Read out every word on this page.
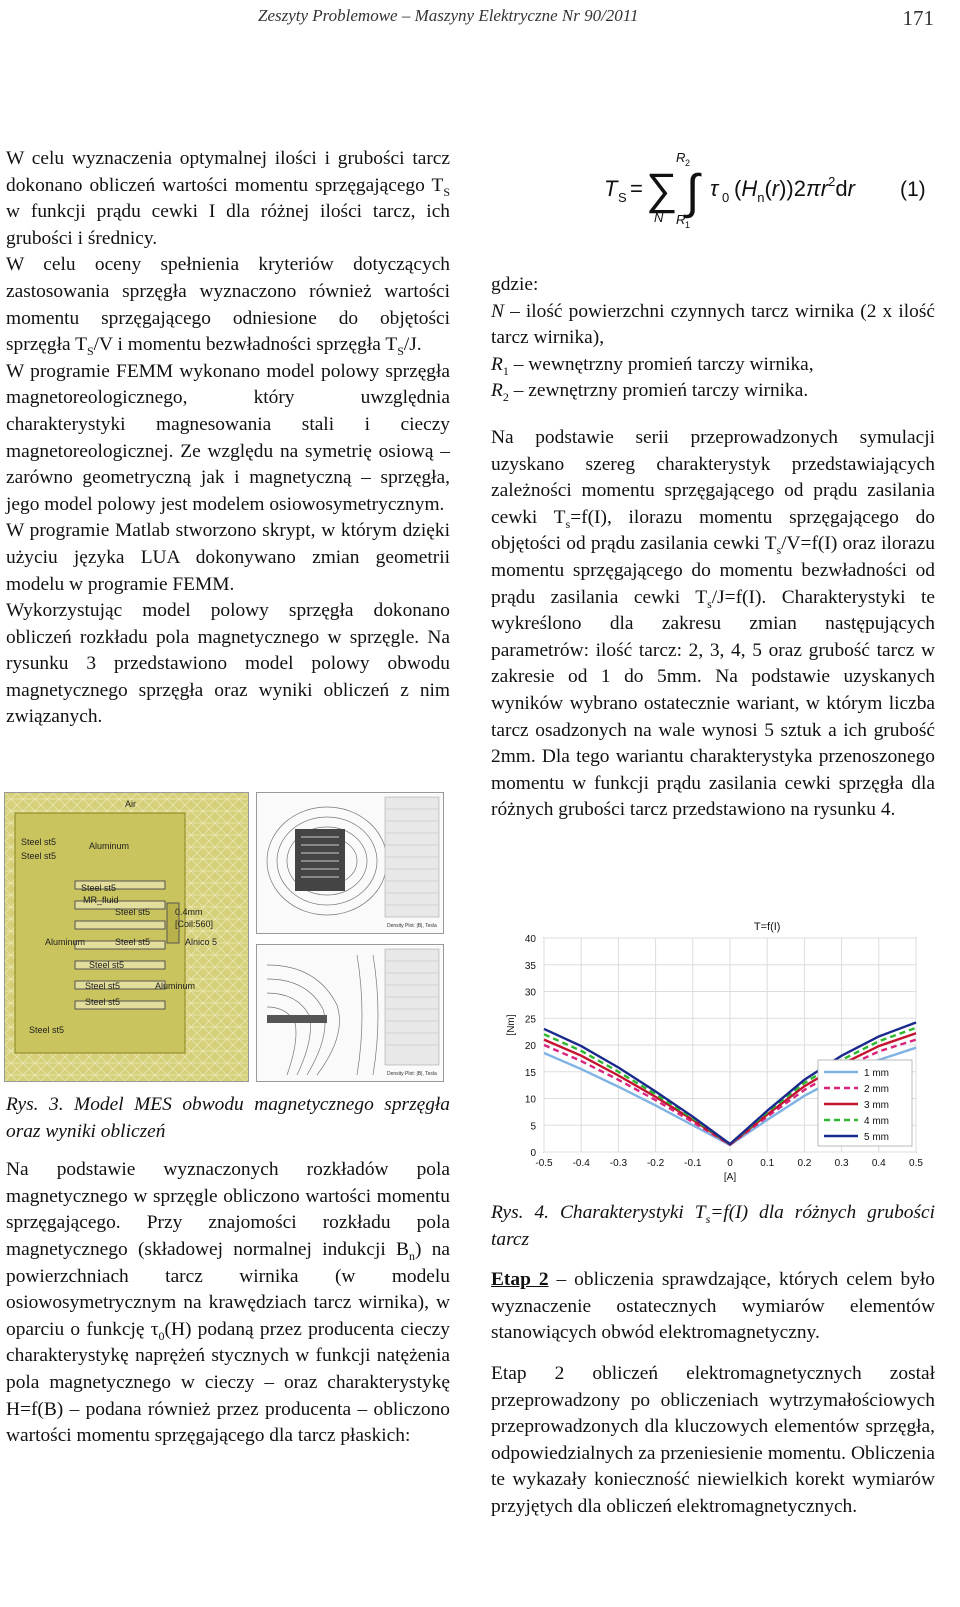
Zeszyty Problemowe – Maszyny Elektryczne Nr 90/2011	171

W celu wyznaczenia optymalnej ilości i grubości tarcz dokonano obliczeń wartości momentu sprzęgającego $T_S$ w funkcji prądu cewki I dla różnej ilości tarcz, ich grubości i średnicy.

W celu oceny spełnienia kryteriów dotyczących zastosowania sprzęgła wyznaczono również wartości momentu sprzęgającego odniesione do objętości sprzęgła $T_S/V$ i momentu bezwładności sprzęgła $T_S/J$.

W programie FEMM wykonano model polowy sprzęgła magnetoreologicznego, który uwzględnia charakterystyki magnesowania stali i cieczy magnetoreologicznej. Ze względu na symetrię osiową – zarówno geometryczną jak i magnetyczną – sprzęgła, jego model polowy jest modelem osiowosymetrycznym.

W programie Matlab stworzono skrypt, w którym dzięki użyciu języka LUA dokonywano zmian geometrii modelu w programie FEMM.

Wykorzystując model polowy sprzęgła dokonano obliczeń rozkładu pola magnetycznego w sprzęgle. Na rysunku 3 przedstawiono model polowy obwodu magnetycznego sprzęgła oraz wyniki obliczeń z nim związanych.

Air
Steel st5	Aluminum
Steel st5
Steel st5
MR_fluid
Steel st5	0.4mm
[Coil:560]
Aluminum	Steel st5	Alnico 5
Steel st5
Aluminum
Steel st5
Steel st5
Steel st5
Density Plot: |B|, Tesla
Density Plot: |B|, Tesla

Rys. 3. Model MES obwodu magnetycznego sprzęgła oraz wyniki obliczeń

Na podstawie wyznaczonych rozkładów pola magnetycznego w sprzęgle obliczono wartości momentu sprzęgającego. Przy znajomości rozkładu pola magnetycznego (składowej normalnej indukcji $B_n$) na powierzchniach tarcz wirnika (w modelu osiowosymetrycznym na krawędziach tarcz wirnika), w oparciu o funkcję $\tau_0(H)$ podaną przez producenta cieczy charakterystykę naprężeń stycznych w funkcji natężenia pola magnetycznego w cieczy – oraz charakterystykę H=f(B) – podana również przez producenta – obliczono wartości momentu sprzęgającego dla tarcz płaskich:

T S = ∑
N ∫
R 2
R 1
τ 0 $(H_n(r))2\pi r^2dr$ (1)

gdzie:

N – ilość powierzchni czynnych tarcz wirnika (2 x ilość tarcz wirnika),

$R_1$ – wewnętrzny promień tarczy wirnika,

$R_2$ – zewnętrzny promień tarczy wirnika.

Na podstawie serii przeprowadzonych symulacji uzyskano szereg charakterystyk przedstawiających zależności momentu sprzęgającego od prądu zasilania cewki $T_s=f(I)$, ilorazu momentu sprzęgającego do objętości od prądu zasilania cewki $T_s/V=f(I)$ oraz ilorazu momentu sprzęgającego do momentu bezwładności od prądu zasilania cewki $T_s/J=f(I)$. Charakterystyki te wykreślono dla zakresu zmian następujących parametrów: ilość tarcz: 2, 3, 4, 5 oraz grubość tarcz w zakresie od 1 do 5mm. Na podstawie uzyskanych wyników wybrano ostatecznie wariant, w którym liczba tarcz osadzonych na wale wynosi 5 sztuk a ich grubość 2mm. Dla tego wariantu charakterystyka przenoszonego momentu w funkcji prądu zasilania cewki sprzęgła dla różnych grubości tarcz przedstawiono na rysunku 4.

T=f(I)
[A]
[Nm]
0
5
10
15
20
25
30
35
40
-0.5 -0.4 -0.3 -0.2 -0.1	0	0.1 0.2 0.3 0.4 0.5
1 mm
2 mm
3 mm
4 mm
5 mm

Rys. 4. Charakterystyki $T_s=f(I)$ dla różnych grubości tarcz

Etap 2 – obliczenia sprawdzające, których celem było wyznaczenie ostatecznych wymiarów elementów stanowiących obwód elektromagnetyczny.

Etap 2 obliczeń elektromagnetycznych został przeprowadzony po obliczeniach wytrzymałościowych przeprowadzonych dla kluczowych elementów sprzęgła, odpowiedzialnych za przeniesienie momentu. Obliczenia te wykazały konieczność niewielkich korekt wymiarów przyjętych dla obliczeń elektromagnetycznych.
